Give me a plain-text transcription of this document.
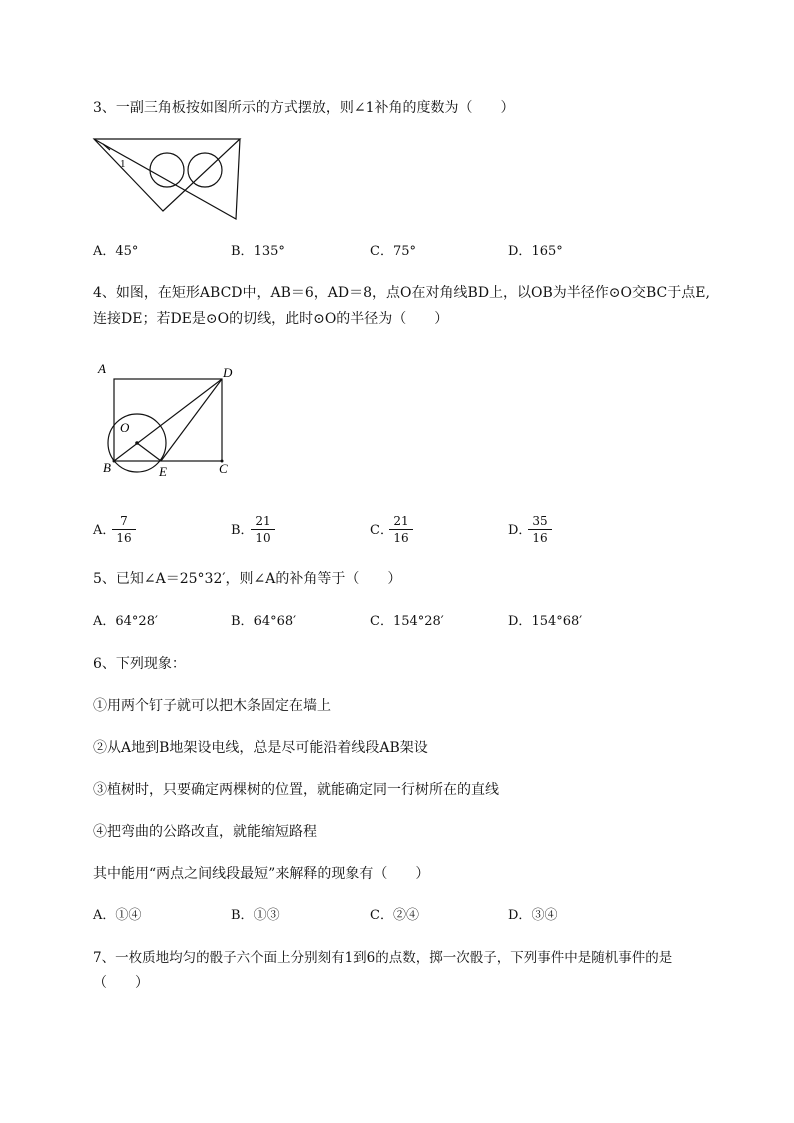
3、一副三角板按如图所示的方式摆放，则∠1补角的度数为（　　）
1
A．45°	B．135°	C．75°	D．165°
4、如图，在矩形ABCD中，AB＝6，AD＝8，点O在对角线BD上，以OB为半径作⊙O交BC于点E,
连接DE；若DE是⊙O的切线，此时⊙O的半径为（　　）
A	D
O
B	E	C
A．
$\frac{7}{16}$	B．
$\frac{21}{10}$	C．
$\frac{21}{16}$	D．
$\frac{35}{16}$
5、已知∠A＝25°32′，则∠A的补角等于（　　）
A．64°28′	B．64°68′	C．154°28′	D．154°68′
6、下列现象：
①用两个钉子就可以把木条固定在墙上
②从A地到B地架设电线，总是尽可能沿着线段AB架设
③植树时，只要确定两棵树的位置，就能确定同一行树所在的直线
④把弯曲的公路改直，就能缩短路程
其中能用“两点之间线段最短”来解释的现象有（　　）
A．①④	B．①③	C．②④	D．③④
7、一枚质地均匀的骰子六个面上分别刻有1到6的点数，掷一次骰子，下列事件中是随机事件的是
（　　）
